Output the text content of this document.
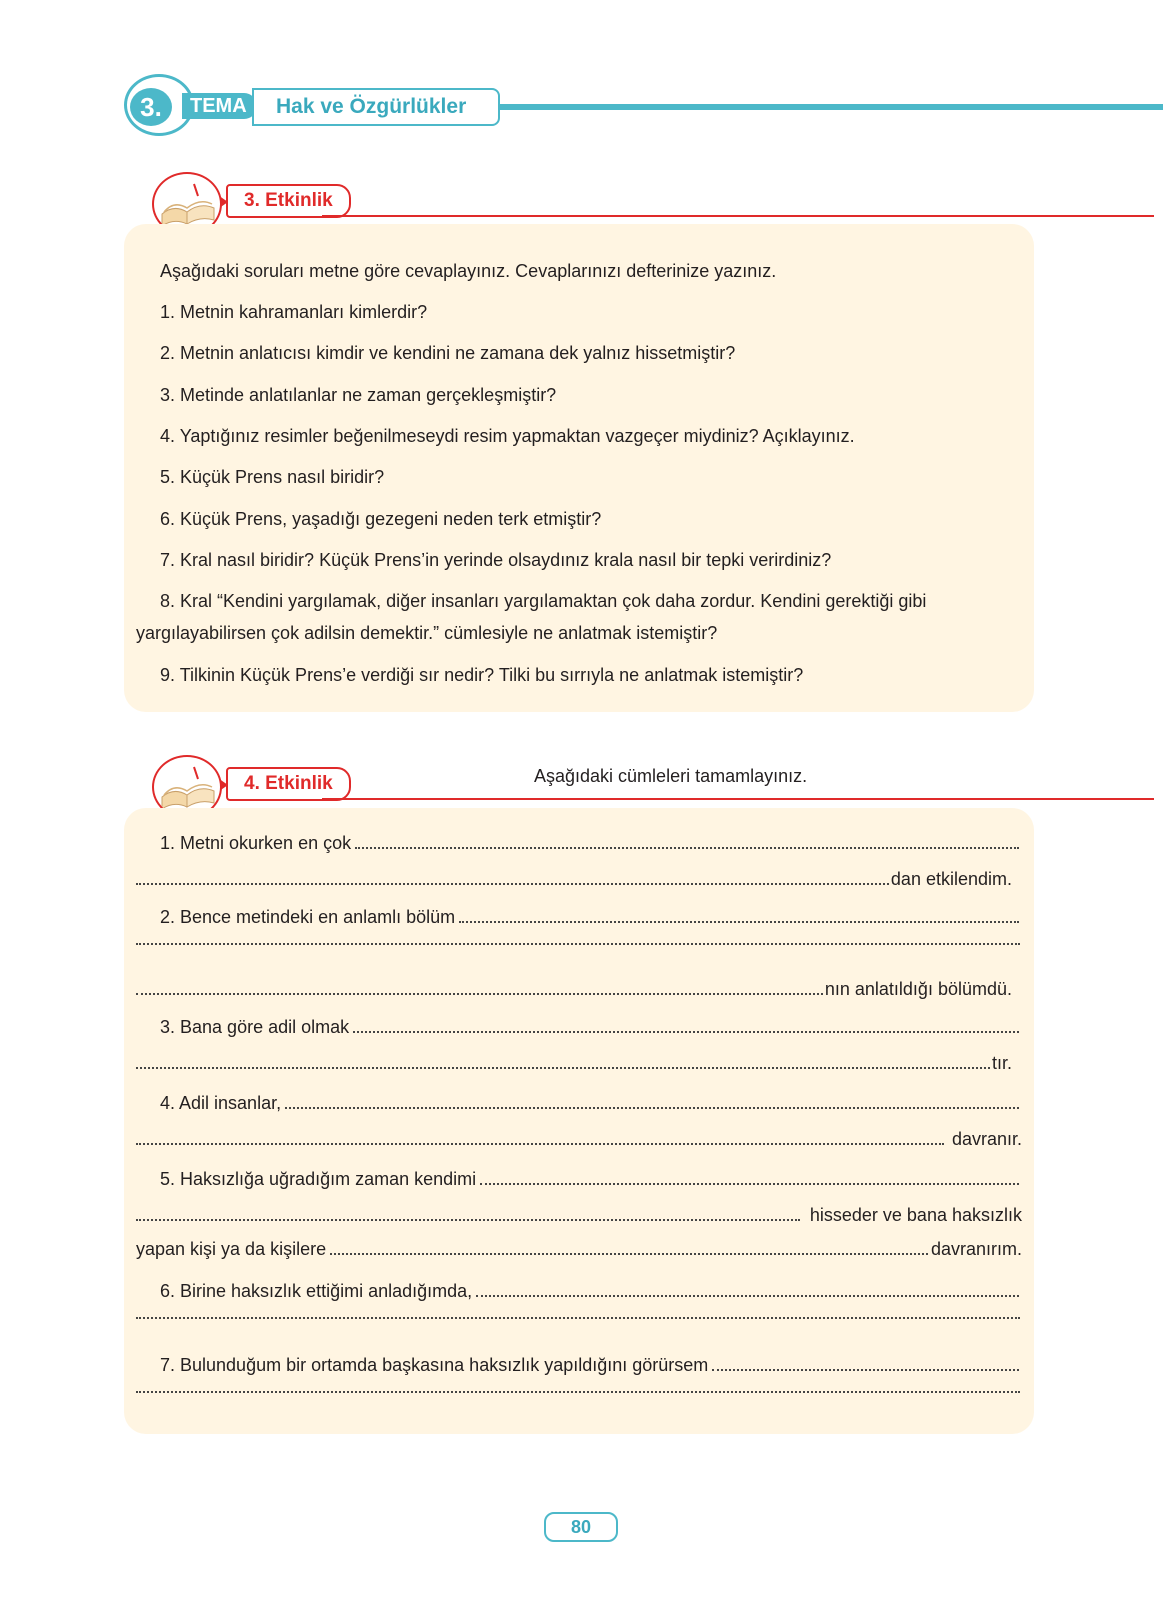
3.	TEMA	Hak ve Özgürlükler
3. Etkinlik
Aşağıdaki soruları metne göre cevaplayınız. Cevaplarınızı defterinize yazınız.
1. Metnin kahramanları kimlerdir?
2. Metnin anlatıcısı kimdir ve kendini ne zamana dek yalnız hissetmiştir?
3. Metinde anlatılanlar ne zaman gerçekleşmiştir?
4. Yaptığınız resimler beğenilmeseydi resim yapmaktan vazgeçer miydiniz? Açıklayınız.
5. Küçük Prens nasıl biridir?
6. Küçük Prens, yaşadığı gezegeni neden terk etmiştir?
7. Kral nasıl biridir? Küçük Prens’in yerinde olsaydınız krala nasıl bir tepki verirdiniz?
8. Kral “Kendini yargılamak, diğer insanları yargılamaktan çok daha zordur. Kendini gerektiği gibi
yargılayabilirsen çok adilsin demektir.” cümlesiyle ne anlatmak istemiştir?
9. Tilkinin Küçük Prens’e verdiği sır nedir? Tilki bu sırrıyla ne anlatmak istemiştir?
4. Etkinlik	Aşağıdaki cümleleri tamamlayınız.
1. Metni okurken en çok
dan etkilendim.
2. Bence metindeki en anlamlı bölüm
nın anlatıldığı bölümdü.
3. Bana göre adil olmak
tır.
4. Adil insanlar,
davranır.
5. Haksızlığa uğradığım zaman kendimi
hisseder ve bana haksızlık
yapan kişi ya da kişilere	davranırım.
6. Birine haksızlık ettiğimi anladığımda,
7. Bulunduğum bir ortamda başkasına haksızlık yapıldığını görürsem
80
